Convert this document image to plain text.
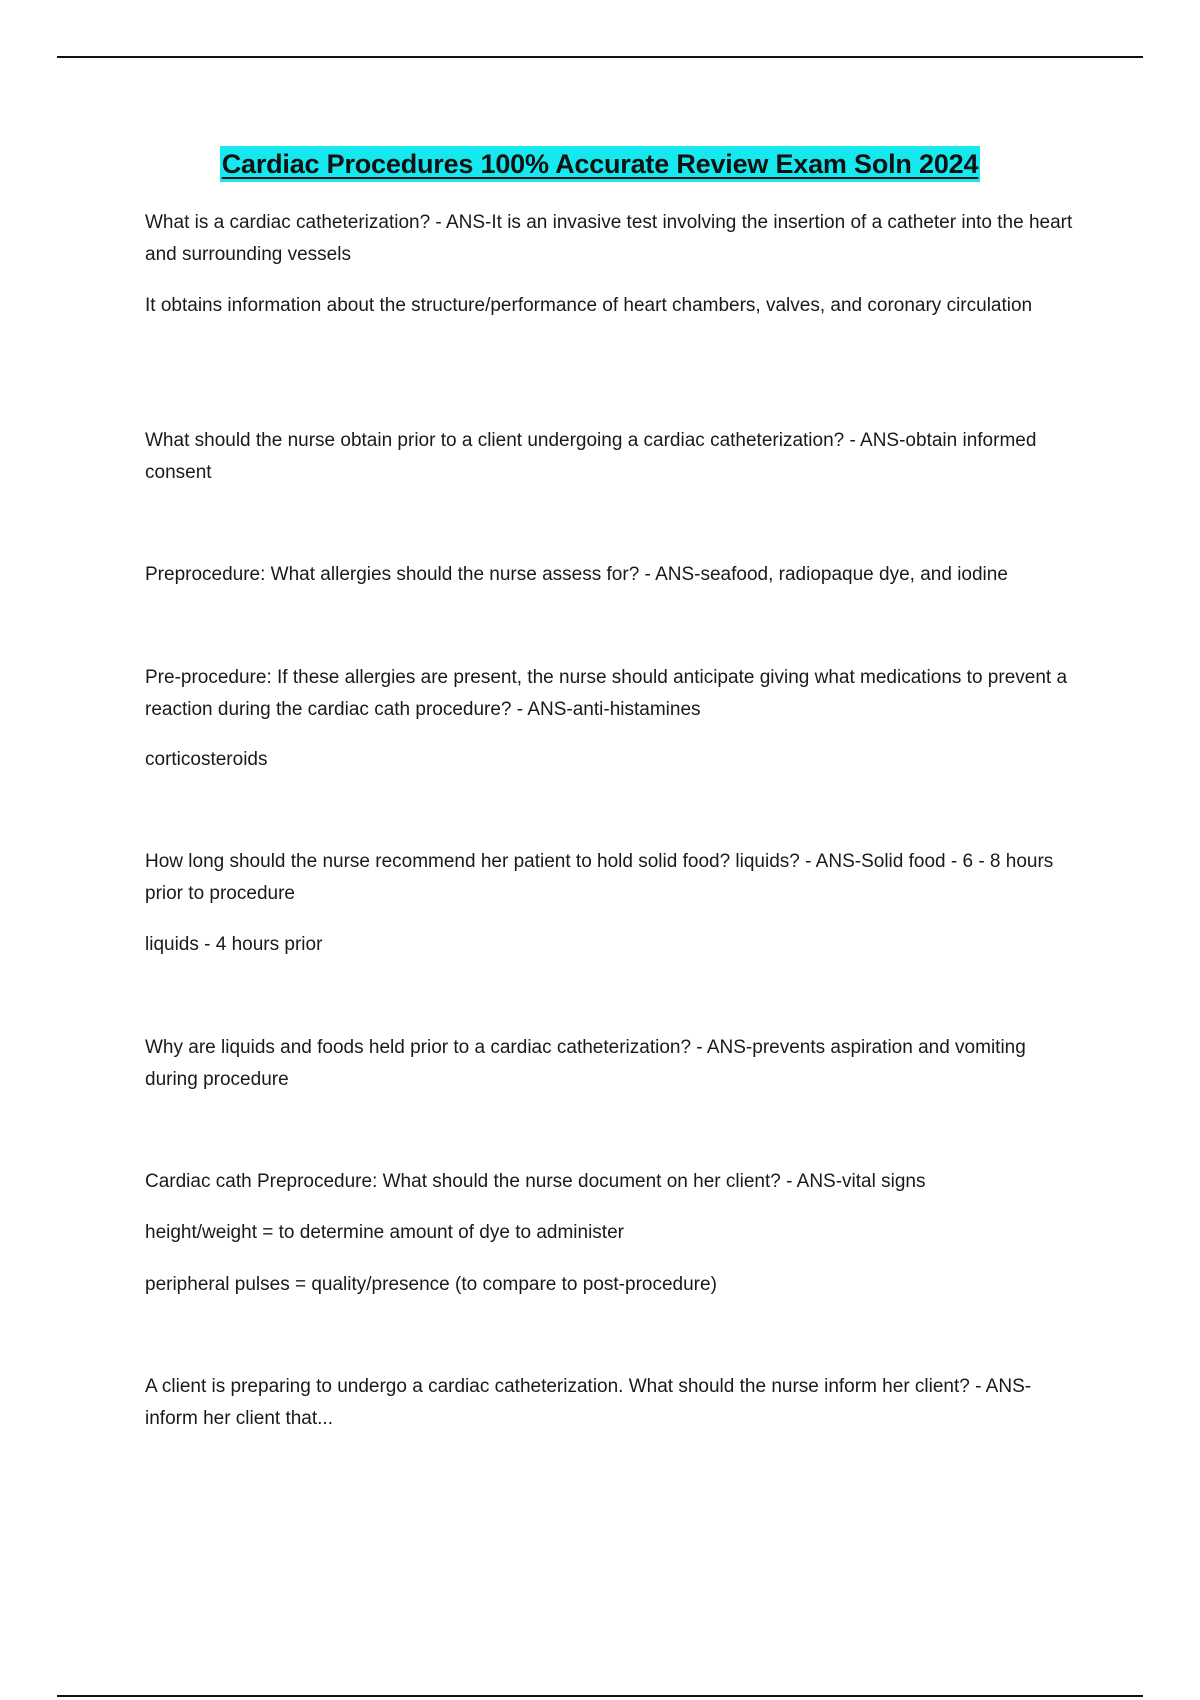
Cardiac Procedures 100% Accurate Review Exam Soln 2024

What is a cardiac catheterization? - ANS-It is an invasive test involving the insertion of a catheter into the heart and surrounding vessels

It obtains information about the structure/performance of heart chambers, valves, and coronary circulation

What should the nurse obtain prior to a client undergoing a cardiac catheterization? - ANS-obtain informed consent

Preprocedure: What allergies should the nurse assess for? - ANS-seafood, radiopaque dye, and iodine

Pre-procedure: If these allergies are present, the nurse should anticipate giving what medications to prevent a reaction during the cardiac cath procedure? - ANS-anti-histamines

corticosteroids

How long should the nurse recommend her patient to hold solid food? liquids? - ANS-Solid food - 6 - 8 hours prior to procedure

liquids - 4 hours prior

Why are liquids and foods held prior to a cardiac catheterization? - ANS-prevents aspiration and vomiting during procedure

Cardiac cath Preprocedure: What should the nurse document on her client? - ANS-vital signs

height/weight = to determine amount of dye to administer

peripheral pulses = quality/presence (to compare to post-procedure)

A client is preparing to undergo a cardiac catheterization. What should the nurse inform her client? - ANS-inform her client that...
